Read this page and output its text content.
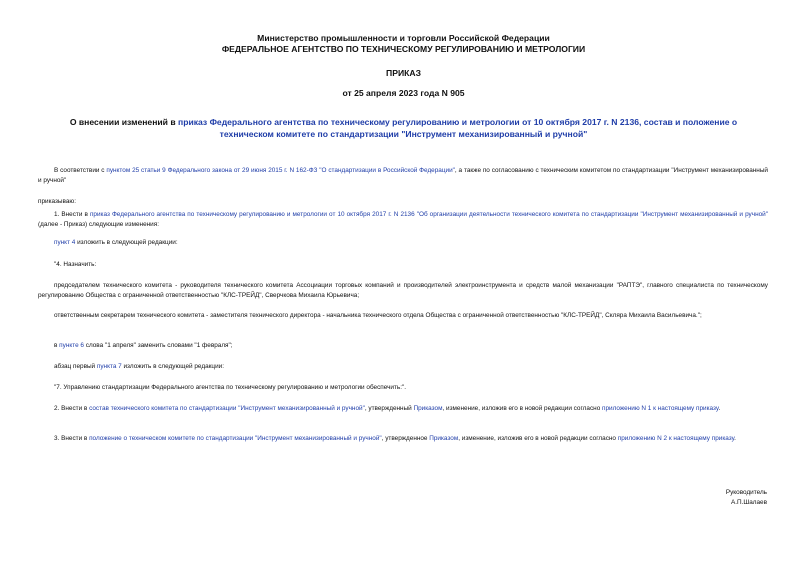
Министерство промышленности и торговли Российской Федерации
ФЕДЕРАЛЬНОЕ АГЕНТСТВО ПО ТЕХНИЧЕСКОМУ РЕГУЛИРОВАНИЮ И МЕТРОЛОГИИ
ПРИКАЗ
от 25 апреля 2023 года N 905
О внесении изменений в приказ Федерального агентства по техническому регулированию и метрологии от 10 октября 2017 г. N 2136, состав и положение о техническом комитете по стандартизации "Инструмент механизированный и ручной"
В соответствии с пунктом 25 статьи 9 Федерального закона от 29 июня 2015 г. N 162-ФЗ "О стандартизации в Российской Федерации", а также по согласованию с техническим комитетом по стандартизации "Инструмент механизированный и ручной"
приказываю:
1. Внести в приказ Федерального агентства по техническому регулированию и метрологии от 10 октября 2017 г. N 2136 "Об организации деятельности технического комитета по стандартизации "Инструмент механизированный и ручной" (далее - Приказ) следующие изменения:
пункт 4 изложить в следующей редакции:
"4. Назначить:
председателем технического комитета - руководителя технического комитета Ассоциации торговых компаний и производителей электроинструмента и средств малой механизации "РАПТЭ", главного специалиста по техническому регулированию Общества с ограниченной ответственностью "КЛС-ТРЕЙД", Сверчкова Михаила Юрьевича;
ответственным секретарем технического комитета - заместителя технического директора - начальника технического отдела Общества с ограниченной ответственностью "КЛС-ТРЕЙД", Скляра Михаила Васильевича.";
в пункте 6 слова "1 апреля" заменить словами "1 февраля";
абзац первый пункта 7 изложить в следующей редакции:
"7. Управлению стандартизации Федерального агентства по техническому регулированию и метрологии обеспечить:".
2. Внести в состав технического комитета по стандартизации "Инструмент механизированный и ручной", утвержденный Приказом, изменение, изложив его в новой редакции согласно приложению N 1 к настоящему приказу.
3. Внести в положение о техническом комитете по стандартизации "Инструмент механизированный и ручной", утвержденное Приказом, изменение, изложив его в новой редакции согласно приложению N 2 к настоящему приказу.
Руководитель
А.П.Шалаев
